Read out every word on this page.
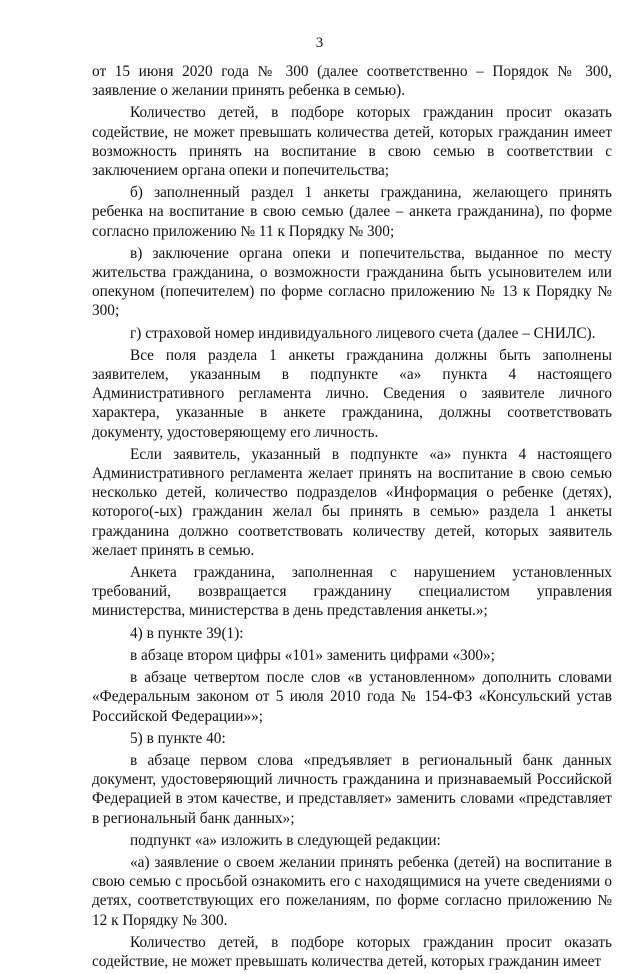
3

от 15 июня 2020 года № 300 (далее соответственно – Порядок № 300, заявление о желании принять ребенка в семью).

Количество детей, в подборе которых гражданин просит оказать содействие, не может превышать количества детей, которых гражданин имеет возможность принять на воспитание в свою семью в соответствии с заключением органа опеки и попечительства;

б) заполненный раздел 1 анкеты гражданина, желающего принять ребенка на воспитание в свою семью (далее – анкета гражданина), по форме согласно приложению № 11 к Порядку № 300;

в) заключение органа опеки и попечительства, выданное по месту жительства гражданина, о возможности гражданина быть усыновителем или опекуном (попечителем) по форме согласно приложению № 13 к Порядку № 300;

г) страховой номер индивидуального лицевого счета (далее – СНИЛС).

Все поля раздела 1 анкеты гражданина должны быть заполнены заявителем, указанным в подпункте «а» пункта 4 настоящего Административного регламента лично. Сведения о заявителе личного характера, указанные в анкете гражданина, должны соответствовать документу, удостоверяющему его личность.

Если заявитель, указанный в подпункте «а» пункта 4 настоящего Административного регламента желает принять на воспитание в свою семью несколько детей, количество подразделов «Информация о ребенке (детях), которого(-ых) гражданин желал бы принять в семью» раздела 1 анкеты гражданина должно соответствовать количеству детей, которых заявитель желает принять в семью.

Анкета гражданина, заполненная с нарушением установленных требований, возвращается гражданину специалистом управления министерства, министерства в день представления анкеты.»;

4) в пункте 39(1):

в абзаце втором цифры «101» заменить цифрами «300»;

в абзаце четвертом после слов «в установленном» дополнить словами «Федеральным законом от 5 июля 2010 года № 154-ФЗ «Консульский устав Российской Федерации»»;

5) в пункте 40:

в абзаце первом слова «предъявляет в региональный банк данных документ, удостоверяющий личность гражданина и признаваемый Российской Федерацией в этом качестве, и представляет» заменить словами «представляет в региональный банк данных»;

подпункт «а» изложить в следующей редакции:

«а) заявление о своем желании принять ребенка (детей) на воспитание в свою семью с просьбой ознакомить его с находящимися на учете сведениями о детях, соответствующих его пожеланиям, по форме согласно приложению № 12 к Порядку № 300.

Количество детей, в подборе которых гражданин просит оказать содействие, не может превышать количества детей, которых гражданин имеет
